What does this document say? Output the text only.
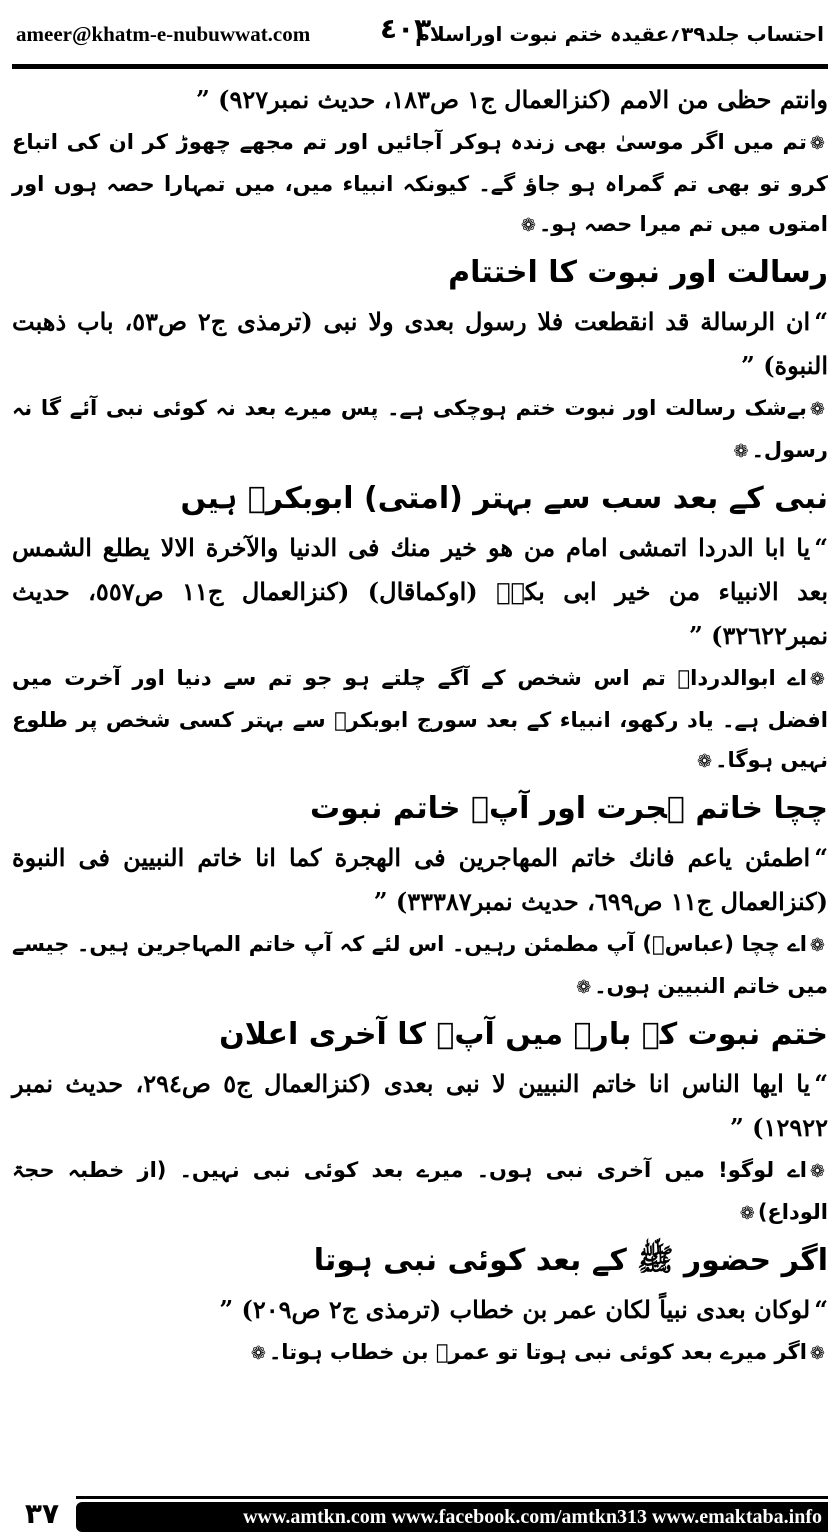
ameer@khatm-e-nubuwwat.com ٤٠٣
احتساب جلد۳۹؍عقیدہ ختم نبوت اوراسلام

وانتم حظى من الامم (كنزالعمال ج١ ص١٨٣، حديث نمبر٩٢٧) ”

❁تم میں اگر موسیٰ بھی زندہ ہوکر آجائیں اور تم مجھے چھوڑ کر ان کی اتباع کرو تو بھی تم گمراہ ہو جاؤ گے۔ کیونکہ انبیاء میں، میں تمہارا حصہ ہوں اور امتوں میں تم میرا حصہ ہو۔❁

رسالت اور نبوت کا اختتام

“ان الرسالة قد انقطعت فلا رسول بعدى ولا نبى (ترمذى ج٢ ص٥٣، باب ذهبت النبوة) ”

❁بےشک رسالت اور نبوت ختم ہوچکی ہے۔ پس میرے بعد نہ کوئی نبی آئے گا نہ رسول۔❁

نبی کے بعد سب سے بہتر (امتی) ابوبکرؓ ہیں

“يا ابا الدردا اتمشى امام من هو خير منك فى الدنيا والآخرة الالا يطلع الشمس بعد الانبياء من خير ابى بكرؓ (اوكماقال) (كنزالعمال ج١١ ص٥٥٧، حديث نمبر٣٢٦٢٢) ”

❁اے ابوالدرداؓ تم اس شخص کے آگے چلتے ہو جو تم سے دنیا اور آخرت میں افضل ہے۔ یاد رکھو، انبیاء کے بعد سورج ابوبکرؓ سے بہتر کسی شخص پر طلوع نہیں ہوگا۔❁

چچا خاتم ہجرت اور آپؐ خاتم نبوت

“اطمئن ياعم فانك خاتم المهاجرين فى الهجرة كما انا خاتم النبيين فى النبوة (كنزالعمال ج١١ ص٦٩٩، حديث نمبر٣٣٣٨٧) ”

❁اے چچا (عباسؓ) آپ مطمئن رہیں۔ اس لئے کہ آپ خاتم المہاجرین ہیں۔ جیسے میں خاتم النبیین ہوں۔❁

ختم نبوت کے بارے میں آپؐ کا آخری اعلان

“يا ايها الناس انا خاتم النبيين لا نبى بعدى (كنزالعمال ج٥ ص٢٩٤، حديث نمبر ١٢٩٢٢) ”

❁اے لوگو! میں آخری نبی ہوں۔ میرے بعد کوئی نبی نہیں۔ (از خطبہ حجۃ الوداع)❁

اگر حضور ﷺ کے بعد کوئی نبی ہوتا

“لوكان بعدى نبياً لكان عمر بن خطاب (ترمذى ج٢ ص٢٠٩) ”

❁اگر میرے بعد کوئی نبی ہوتا تو عمرؓ بن خطاب ہوتا۔❁

۳۷	www.amtkn.com www.facebook.com/amtkn313 www.emaktaba.info
